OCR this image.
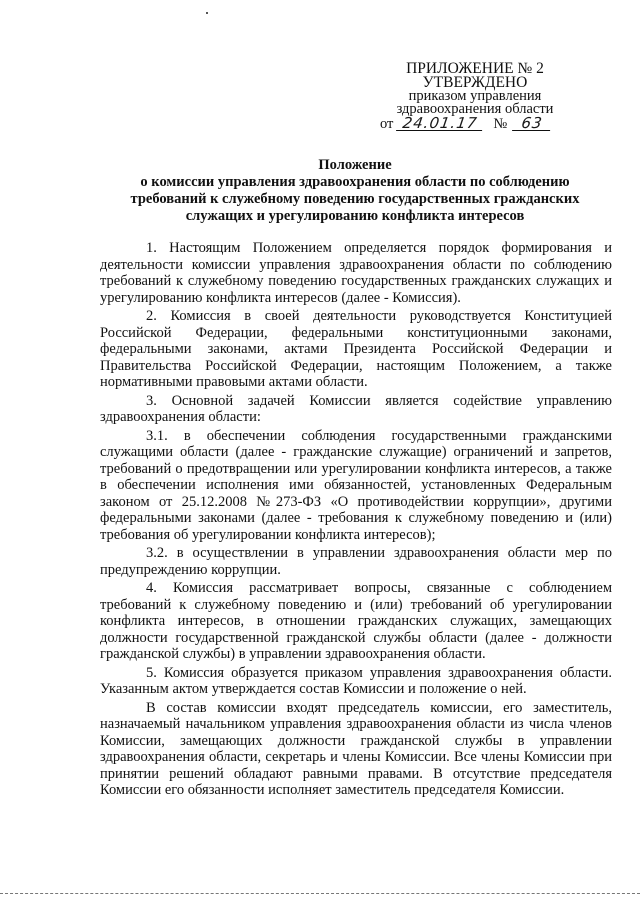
ПРИЛОЖЕНИЕ № 2
УТВЕРЖДЕНО
приказом управления
здравоохранения области
от 24.01.17 № 63
Положение
о комиссии управления здравоохранения области по соблюдению
требований к служебному поведению государственных гражданских
служащих и урегулированию конфликта интересов

1. Настоящим Положением определяется порядок формирования и деятельности комиссии управления здравоохранения области по соблюдению требований к служебному поведению государственных гражданских служащих и урегулированию конфликта интересов (далее - Комиссия).

2. Комиссия в своей деятельности руководствуется Конституцией Российской Федерации, федеральными конституционными законами, федеральными законами, актами Президента Российской Федерации и Правительства Российской Федерации, настоящим Положением, а также нормативными правовыми актами области.

3. Основной задачей Комиссии является содействие управлению здравоохранения области:

3.1. в обеспечении соблюдения государственными гражданскими служащими области (далее - гражданские служащие) ограничений и запретов, требований о предотвращении или урегулировании конфликта интересов, а также в обеспечении исполнения ими обязанностей, установленных Федеральным законом от 25.12.2008 №273-ФЗ «О противодействии коррупции», другими федеральными законами (далее - требования к служебному поведению и (или) требования об урегулировании конфликта интересов);

3.2. в осуществлении в управлении здравоохранения области мер по предупреждению коррупции.

4. Комиссия рассматривает вопросы, связанные с соблюдением требований к служебному поведению и (или) требований об урегулировании конфликта интересов, в отношении гражданских служащих, замещающих должности государственной гражданской службы области (далее - должности гражданской службы) в управлении здравоохранения области.

5. Комиссия образуется приказом управления здравоохранения области. Указанным актом утверждается состав Комиссии и положение о ней.

В состав комиссии входят председатель комиссии, его заместитель, назначаемый начальником управления здравоохранения области из числа членов Комиссии, замещающих должности гражданской службы в управлении здравоохранения области, секретарь и члены Комиссии. Все члены Комиссии при принятии решений обладают равными правами. В отсутствие председателя Комиссии его обязанности исполняет заместитель председателя Комиссии.
